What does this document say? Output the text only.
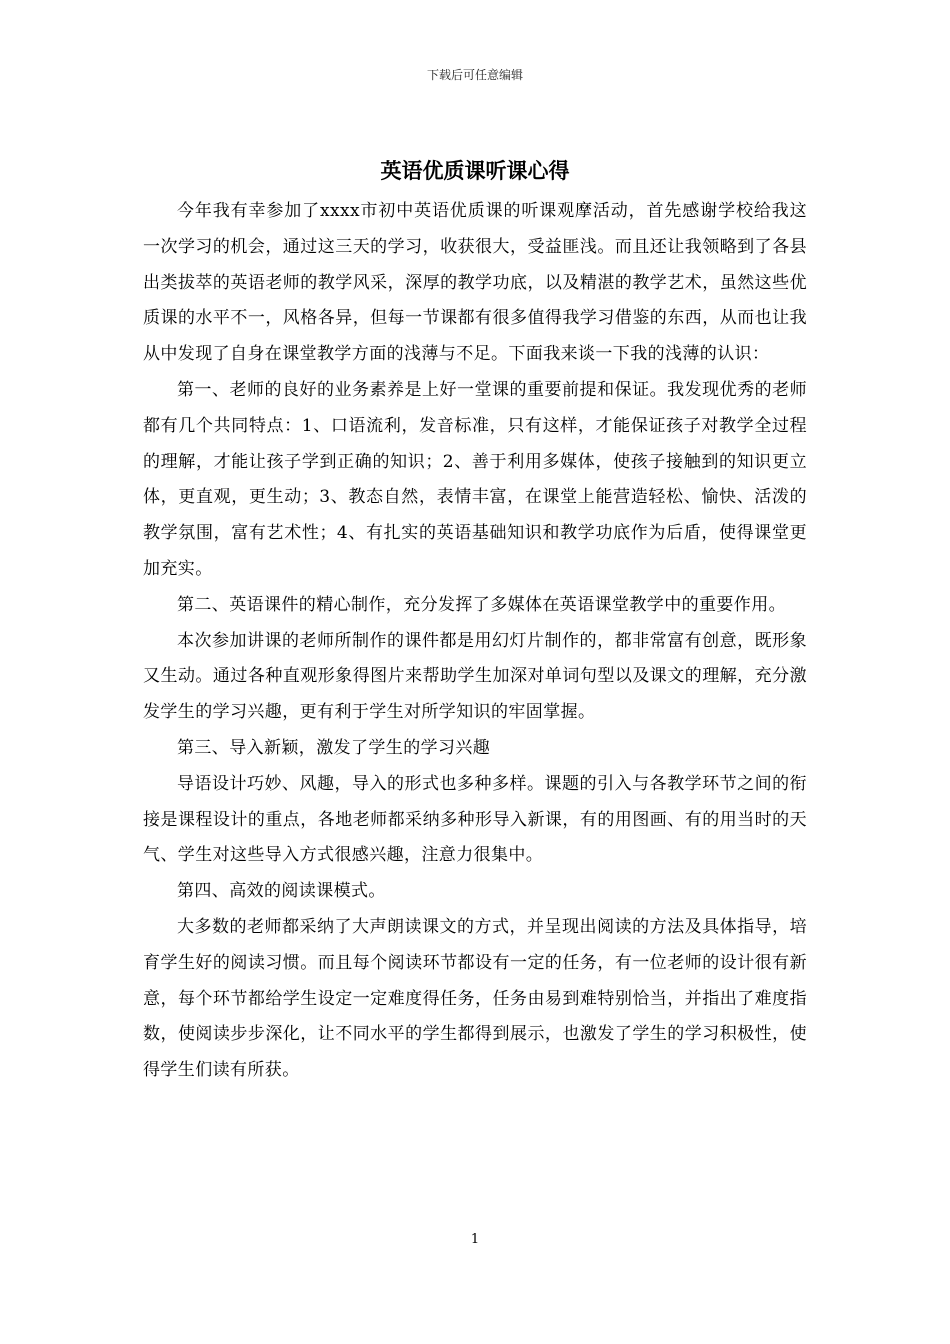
下载后可任意编辑
英语优质课听课心得

今年我有幸参加了xxxx市初中英语优质课的听课观摩活动，首先感谢学校给我这一次学习的机会，通过这三天的学习，收获很大，受益匪浅。而且还让我领略到了各县出类拔萃的英语老师的教学风采，深厚的教学功底，以及精湛的教学艺术，虽然这些优质课的水平不一，风格各异，但每一节课都有很多值得我学习借鉴的东西，从而也让我从中发现了自身在课堂教学方面的浅薄与不足。下面我来谈一下我的浅薄的认识：

第一、老师的良好的业务素养是上好一堂课的重要前提和保证。我发现优秀的老师都有几个共同特点：1、口语流利，发音标准，只有这样，才能保证孩子对教学全过程的理解，才能让孩子学到正确的知识；2、善于利用多媒体，使孩子接触到的知识更立体，更直观，更生动；3、教态自然，表情丰富，在课堂上能营造轻松、愉快、活泼的教学氛围，富有艺术性；4、有扎实的英语基础知识和教学功底作为后盾，使得课堂更加充实。

第二、英语课件的精心制作，充分发挥了多媒体在英语课堂教学中的重要作用。

本次参加讲课的老师所制作的课件都是用幻灯片制作的，都非常富有创意，既形象又生动。通过各种直观形象得图片来帮助学生加深对单词句型以及课文的理解，充分激发学生的学习兴趣，更有利于学生对所学知识的牢固掌握。

第三、导入新颖，激发了学生的学习兴趣

导语设计巧妙、风趣，导入的形式也多种多样。课题的引入与各教学环节之间的衔接是课程设计的重点，各地老师都采纳多种形导入新课，有的用图画、有的用当时的天气、学生对这些导入方式很感兴趣，注意力很集中。

第四、高效的阅读课模式。

大多数的老师都采纳了大声朗读课文的方式，并呈现出阅读的方法及具体指导，培育学生好的阅读习惯。而且每个阅读环节都设有一定的任务，有一位老师的设计很有新意，每个环节都给学生设定一定难度得任务，任务由易到难特别恰当，并指出了难度指数，使阅读步步深化，让不同水平的学生都得到展示，也激发了学生的学习积极性，使得学生们读有所获。

1
